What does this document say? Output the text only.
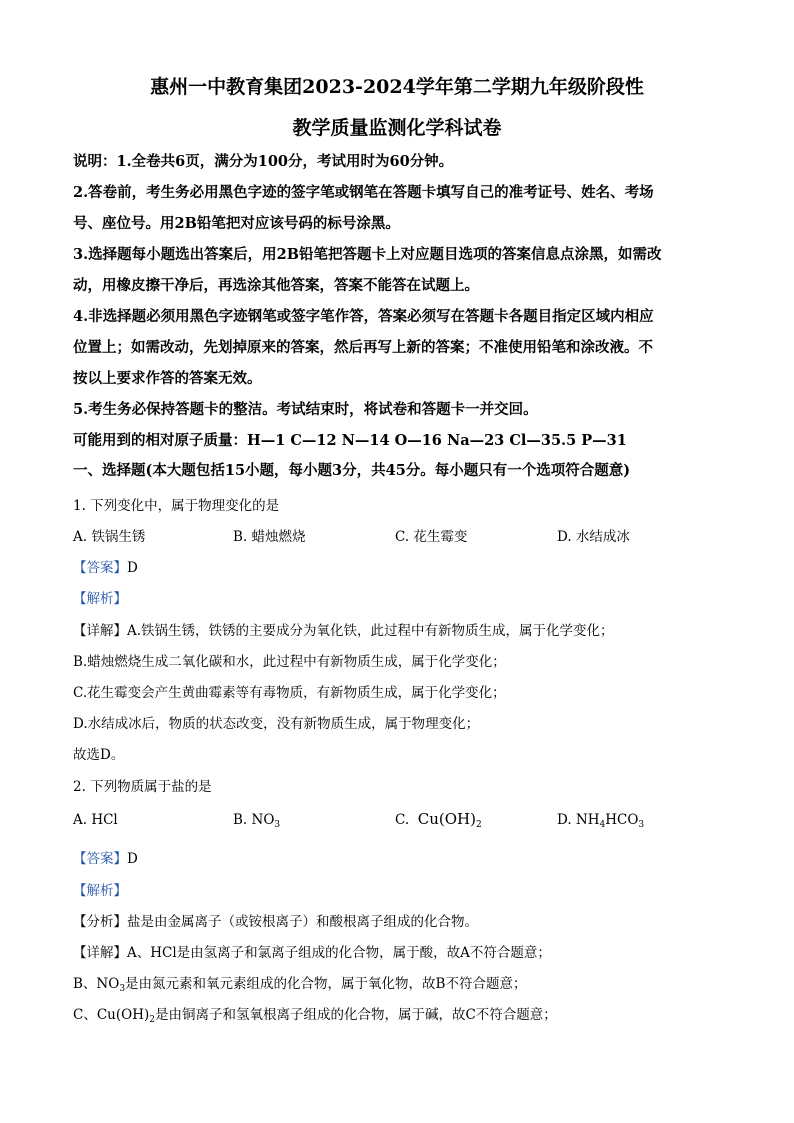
惠州一中教育集团2023-2024学年第二学期九年级阶段性
教学质量监测化学科试卷
说明：1.全卷共6页，满分为100分，考试用时为60分钟。
2.答卷前，考生务必用黑色字迹的签字笔或钢笔在答题卡填写自己的准考证号、姓名、考场
号、座位号。用2B铅笔把对应该号码的标号涂黑。
3.选择题每小题选出答案后，用2B铅笔把答题卡上对应题目选项的答案信息点涂黑，如需改
动，用橡皮擦干净后，再选涂其他答案，答案不能答在试题上。
4.非选择题必须用黑色字迹钢笔或签字笔作答，答案必须写在答题卡各题目指定区域内相应
位置上；如需改动，先划掉原来的答案，然后再写上新的答案；不准使用铅笔和涂改液。不
按以上要求作答的答案无效。
5.考生务必保持答题卡的整洁。考试结束时，将试卷和答题卡一并交回。
可能用到的相对原子质量：H—1 C—12 N—14 O—16 Na—23 Cl—35.5 P—31
一、选择题(本大题包括15小题，每小题3分，共45分。每小题只有一个选项符合题意)
1. 下列变化中，属于物理变化的是
A. 铁锅生锈	B. 蜡烛燃烧	C. 花生霉变	D. 水结成冰
【答案】D
【解析】
【详解】A.铁锅生锈，铁锈的主要成分为氧化铁，此过程中有新物质生成，属于化学变化；
B.蜡烛燃烧生成二氧化碳和水，此过程中有新物质生成，属于化学变化；
C.花生霉变会产生黄曲霉素等有毒物质，有新物质生成，属于化学变化；
D.水结成冰后，物质的状态改变，没有新物质生成，属于物理变化；
故选D。
2. 下列物质属于盐的是
A. HCl	B. $NO_3$	C. $Cu(OH)_2$	D. $NH_4HCO_3$
【答案】D
【解析】
【分析】盐是由金属离子（或铵根离子）和酸根离子组成的化合物。
【详解】A、HCl是由氢离子和氯离子组成的化合物，属于酸，故A不符合题意；
B、$NO_3$是由氮元素和氧元素组成的化合物，属于氧化物，故B不符合题意；
C、$Cu(OH)_2$是由铜离子和氢氧根离子组成的化合物，属于碱，故C不符合题意；
